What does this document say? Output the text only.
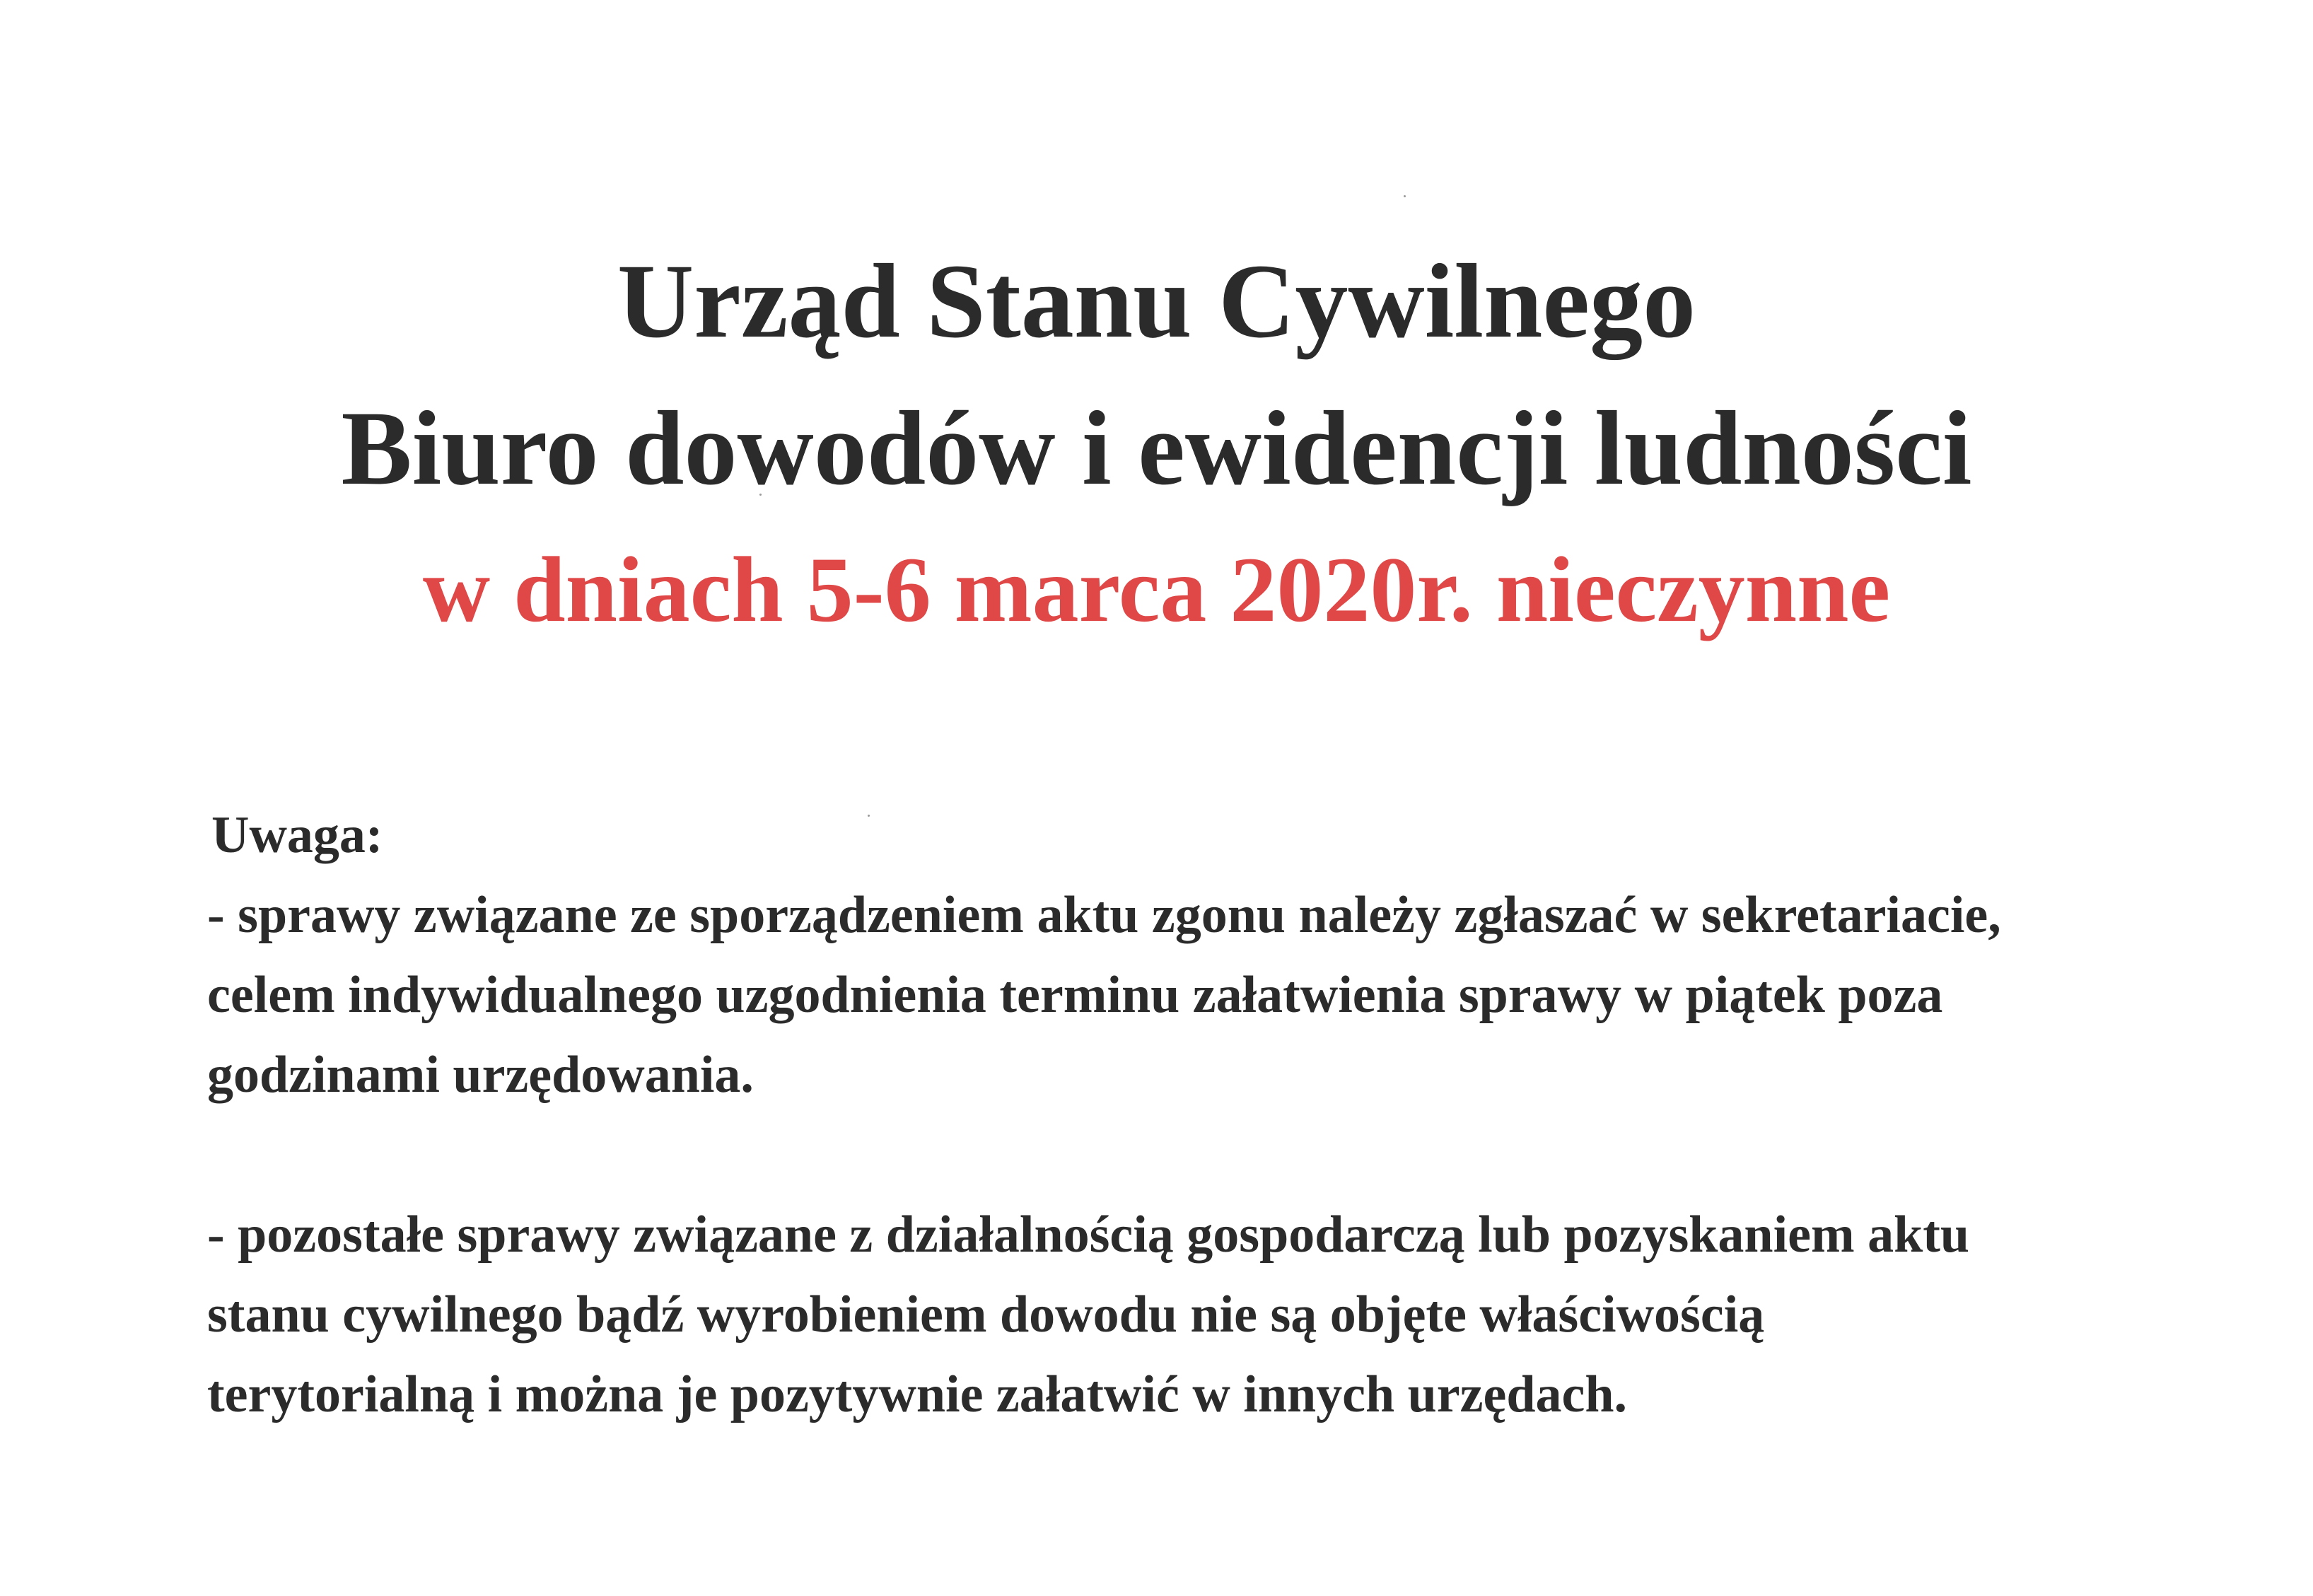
Urząd Stanu Cywilnego
Biuro dowodów i ewidencji ludności
w dniach 5-6 marca 2020r. nieczynne
Uwaga:
- sprawy związane ze sporządzeniem aktu zgonu należy zgłaszać w sekretariacie,
celem indywidualnego uzgodnienia terminu załatwienia sprawy w piątek poza
godzinami urzędowania.
- pozostałe sprawy związane z działalnością gospodarczą lub pozyskaniem aktu
stanu cywilnego bądź wyrobieniem dowodu nie są objęte właściwością
terytorialną i można je pozytywnie załatwić w innych urzędach.
